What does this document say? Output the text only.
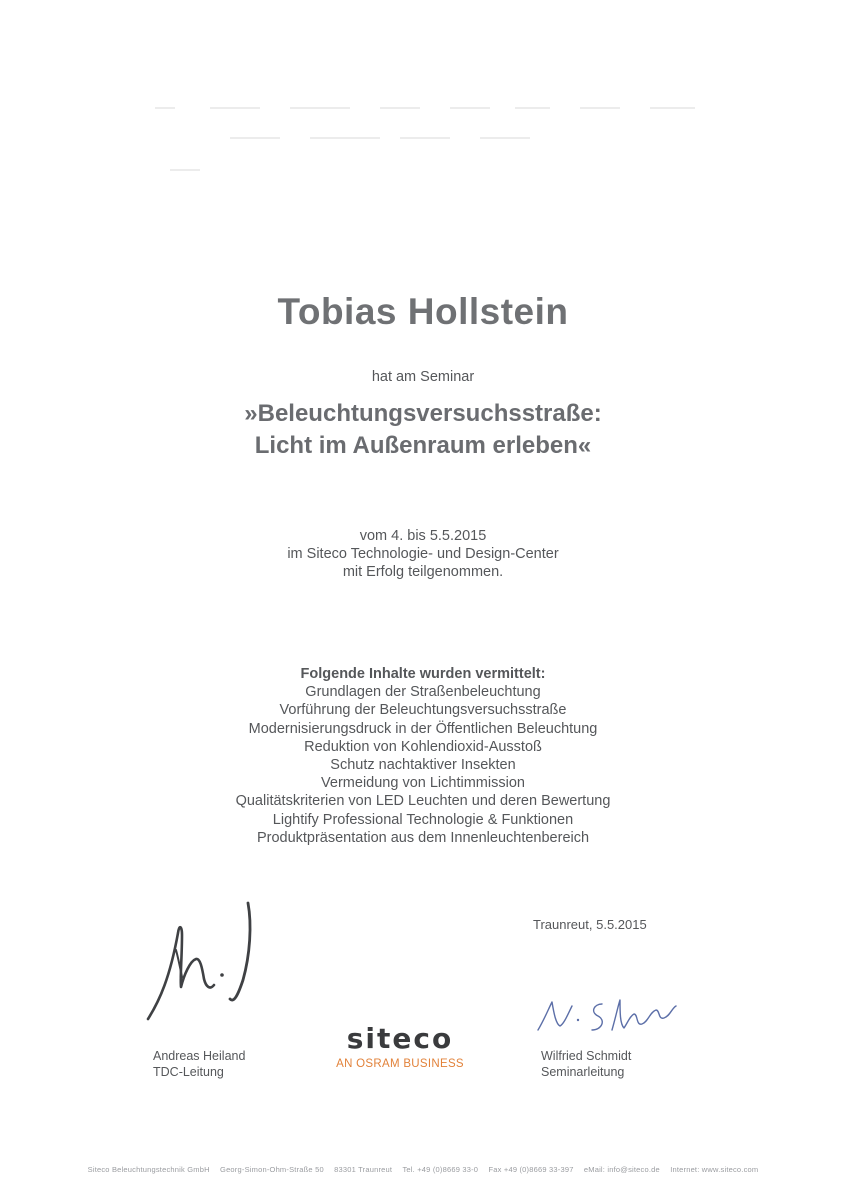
Tobias Hollstein
hat am Seminar
»Beleuchtungsversuchsstraße:
Licht im Außenraum erleben«
vom 4. bis 5.5.2015
im Siteco Technologie- und Design-Center
mit Erfolg teilgenommen.
Folgende Inhalte wurden vermittelt:
Grundlagen der Straßenbeleuchtung
Vorführung der Beleuchtungsversuchsstraße
Modernisierungsdruck in der Öffentlichen Beleuchtung
Reduktion von Kohlendioxid-Ausstoß
Schutz nachtaktiver Insekten
Vermeidung von Lichtimmission
Qualitätskriterien von LED Leuchten und deren Bewertung
Lightify Professional Technologie & Funktionen
Produktpräsentation aus dem Innenleuchtenbereich
Traunreut, 5.5.2015
Andreas Heiland
TDC-Leitung
Wilfried Schmidt
Seminarleitung
siteco
AN OSRAM BUSINESS
Siteco Beleuchtungstechnik GmbH Georg-Simon-Ohm-Straße 50 83301 Traunreut Tel. +49 (0)8669 33-0 Fax +49 (0)8669 33-397 eMail: info@siteco.de Internet: www.siteco.com
